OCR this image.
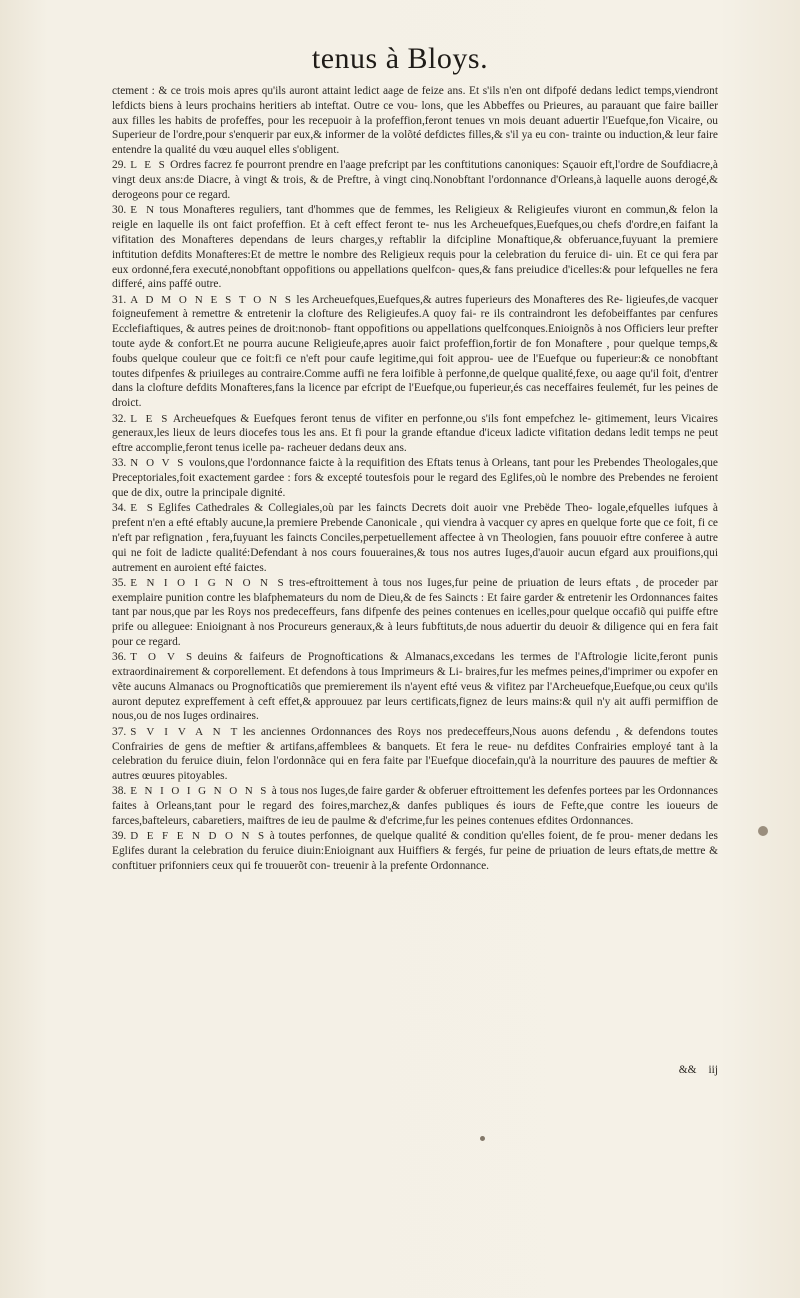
tenus à Bloys.

ctement : & ce trois mois apres qu'ils auront attaint ledict aage de feize ans. Et s'ils n'en ont difpofé dedans ledict temps,viendront lefdicts biens à leurs prochains heritiers ab inteftat. Outre ce vou- lons, que les Abbeffes ou Prieures, au parauant que faire bailler aux filles les habits de profeffes, pour les recepuoir à la profeffion,feront tenues vn mois deuant aduertir l'Euefque,fon Vicaire, ou Superieur de l'ordre,pour s'enquerir par eux,& informer de la volõté defdictes filles,& s'il ya eu con- trainte ou induction,& leur faire entendre la qualité du vœu auquel elles s'obligent.

29. L E S Ordres facrez fe pourront prendre en l'aage prefcript par les conftitutions canoniques: Sçauoir eft,l'ordre de Soufdiacre,à vingt deux ans:de Diacre, à vingt & trois, & de Preftre, à vingt cinq.Nonobftant l'ordonnance d'Orleans,à laquelle auons derogé,& derogeons pour ce regard.

30. E N tous Monafteres reguliers, tant d'hommes que de femmes, les Religieux & Religieufes viuront en commun,& felon la reigle en laquelle ils ont faict profeffion. Et à ceft effect feront te- nus les Archeuefques,Euefques,ou chefs d'ordre,en faifant la vifitation des Monafteres dependans de leurs charges,y reftablir la difcipline Monaftique,& obferuance,fuyuant la premiere inftitution defdits Monafteres:Et de mettre le nombre des Religieux requis pour la celebration du feruice di- uin. Et ce qui fera par eux ordonné,fera executé,nonobftant oppofitions ou appellations quelfcon- ques,& fans preiudice d'icelles:& pour lefquelles ne fera differé, ains paffé outre.

31. A D M O N E S T O N S les Archeuefques,Euefques,& autres fuperieurs des Monafteres des Re- ligieufes,de vacquer foigneufement à remettre & entretenir la clofture des Religieufes.A quoy fai- re ils contraindront les defobeiffantes par cenfures Ecclefiaftiques, & autres peines de droit:nonob- ftant oppofitions ou appellations quelfconques.Enioignõs à nos Officiers leur prefter toute ayde & confort.Et ne pourra aucune Religieufe,apres auoir faict profeffion,fortir de fon Monaftere , pour quelque temps,& foubs quelque couleur que ce foit:fi ce n'eft pour caufe legitime,qui foit approu- uee de l'Euefque ou fuperieur:& ce nonobftant toutes difpenfes & priuileges au contraire.Comme auffi ne fera loifible à perfonne,de quelque qualité,fexe, ou aage qu'il foit, d'entrer dans la clofture defdits Monafteres,fans la licence par efcript de l'Euefque,ou fuperieur,és cas neceffaires feulemét, fur les peines de droict.

32. L E S Archeuefques & Euefques feront tenus de vifiter en perfonne,ou s'ils font empefchez le- gitimement, leurs Vicaires generaux,les lieux de leurs diocefes tous les ans. Et fi pour la grande eftandue d'iceux ladicte vifitation dedans ledit temps ne peut eftre accomplie,feront tenus icelle pa- racheuer dedans deux ans.

33. N O V S voulons,que l'ordonnance faicte à la requifition des Eftats tenus à Orleans, tant pour les Prebendes Theologales,que Preceptoriales,foit exactement gardee : fors & excepté toutesfois pour le regard des Eglifes,où le nombre des Prebendes ne feroient que de dix, outre la principale dignité.

34. E S Eglifes Cathedrales & Collegiales,où par les faincts Decrets doit auoir vne Prebëde Theo- logale,efquelles iufques à prefent n'en a efté eftably aucune,la premiere Prebende Canonicale , qui viendra à vacquer cy apres en quelque forte que ce foit, fi ce n'eft par refignation , fera,fuyuant les faincts Conciles,perpetuellement affectee à vn Theologien, fans pouuoir eftre conferee à autre qui ne foit de ladicte qualité:Defendant à nos cours fouueraines,& tous nos autres Iuges,d'auoir aucun efgard aux prouifions,qui autrement en auroient efté faictes.

35. E N I O I G N O N S tres-eftroittement à tous nos Iuges,fur peine de priuation de leurs eftats , de proceder par exemplaire punition contre les blafphemateurs du nom de Dieu,& de fes Saincts : Et faire garder & entretenir les Ordonnances faites tant par nous,que par les Roys nos predeceffeurs, fans difpenfe des peines contenues en icelles,pour quelque occafiõ qui puiffe eftre prife ou alleguee: Enioignant à nos Procureurs generaux,& à leurs fubftituts,de nous aduertir du deuoir & diligence qui en fera fait pour ce regard.

36. T O V S deuins & faifeurs de Prognoftications & Almanacs,excedans les termes de l'Aftrologie licite,feront punis extraordinairement & corporellement. Et defendons à tous Imprimeurs & Li- braires,fur les mefmes peines,d'imprimer ou expofer en vẽte aucuns Almanacs ou Prognofticatiõs que premierement ils n'ayent efté veus & vifitez par l'Archeuefque,Euefque,ou ceux qu'ils auront deputez expreffement à ceft effet,& approuuez par leurs certificats,fignez de leurs mains:& quil n'y ait auffi permiffion de nous,ou de nos Iuges ordinaires.

37. S V I V A N T les anciennes Ordonnances des Roys nos predeceffeurs,Nous auons defendu , & defendons toutes Confrairies de gens de meftier & artifans,affemblees & banquets. Et fera le reue- nu defdites Confrairies employé tant à la celebration du feruice diuin, felon l'ordonnãce qui en fera faite par l'Euefque diocefain,qu'à la nourriture des pauures de meftier & autres œuures pitoyables.

38. E N I O I G N O N S à tous nos Iuges,de faire garder & obferuer eftroittement les defenfes portees par les Ordonnances faites à Orleans,tant pour le regard des foires,marchez,& danfes publiques és iours de Fefte,que contre les ioueurs de farces,bafteleurs, cabaretiers, maiftres de ieu de paulme & d'efcrime,fur les peines contenues efdites Ordonnances.

39. D E F E N D O N S à toutes perfonnes, de quelque qualité & condition qu'elles foient, de fe prou- mener dedans les Eglifes durant la celebration du feruice diuin:Enioignant aux Huiffiers & fergés, fur peine de priuation de leurs eftats,de mettre & conftituer prifonniers ceux qui fe trouuerõt con- treuenir à la prefente Ordonnance.

&& iij
